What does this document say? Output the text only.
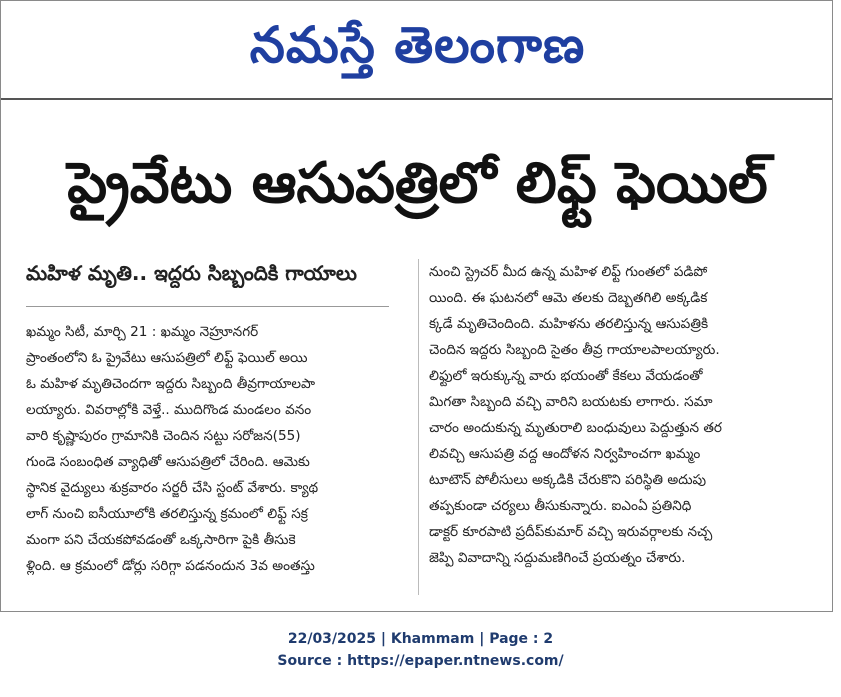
నమస్తే తెలంగాణ
ప్రైవేటు ఆసుపత్రిలో లిఫ్ట్ ఫెయిల్
మహిళ మృతి.. ఇద్దరు సిబ్బందికి గాయాలు

ఖమ్మం సిటీ, మార్చి 21 : ఖమ్మం నెహ్రూనగర్

ప్రాంతంలోని ఓ ప్రైవేటు ఆసుపత్రిలో లిఫ్ట్ ఫెయిల్ అయి

ఓ మహిళ మృతిచెందగా ఇద్దరు సిబ్బంది తీవ్రగాయాలపా

లయ్యారు. వివరాల్లోకి వెళ్తే.. ముదిగొండ మండలం వనం

వారి కృష్ణాపురం గ్రామానికి చెందిన సట్టు సరోజన(55)

గుండె సంబంధిత వ్యాధితో ఆసుపత్రిలో చేరింది. ఆమెకు

స్థానిక వైద్యులు శుక్రవారం సర్జరీ చేసి స్టంట్ వేశారు. క్యాథ

లాగ్ నుంచి ఐసీయూలోకి తరలిస్తున్న క్రమంలో లిఫ్ట్ సక్ర

మంగా పని చేయకపోవడంతో ఒక్కసారిగా పైకి తీసుకె

ళ్లింది. ఆ క్రమంలో డోర్లు సరిగ్గా పడనందున 3వ అంతస్తు

నుంచి స్ట్రెచర్ మీద ఉన్న మహిళ లిఫ్ట్ గుంతలో పడిపో

యింది. ఈ ఘటనలో ఆమె తలకు దెబ్బతగిలి అక్కడిక

క్కడే మృతిచెందింది. మహిళను తరలిస్తున్న ఆసుపత్రికి

చెందిన ఇద్దరు సిబ్బంది సైతం తీవ్ర గాయాలపాలయ్యారు.

లిఫ్టులో ఇరుక్కున్న వారు భయంతో కేకలు వేయడంతో

మిగతా సిబ్బంది వచ్చి వారిని బయటకు లాగారు. సమా

చారం అందుకున్న మృతురాలి బంధువులు పెద్దుత్తున తర

లివచ్చి ఆసుపత్రి వద్ద ఆందోళన నిర్వహించగా ఖమ్మం

టూటౌన్ పోలీసులు అక్కడికి చేరుకొని పరిస్థితి అదుపు

తప్పకుండా చర్యలు తీసుకున్నారు. ఐఎంఏ ప్రతినిధి

డాక్టర్ కూరపాటి ప్రదీప్‌కుమార్ వచ్చి ఇరువర్గాలకు నచ్చ

జెప్పి వివాదాన్ని సద్దుమణిగించే ప్రయత్నం చేశారు.

22/03/2025 | Khammam | Page : 2
Source : https://epaper.ntnews.com/
